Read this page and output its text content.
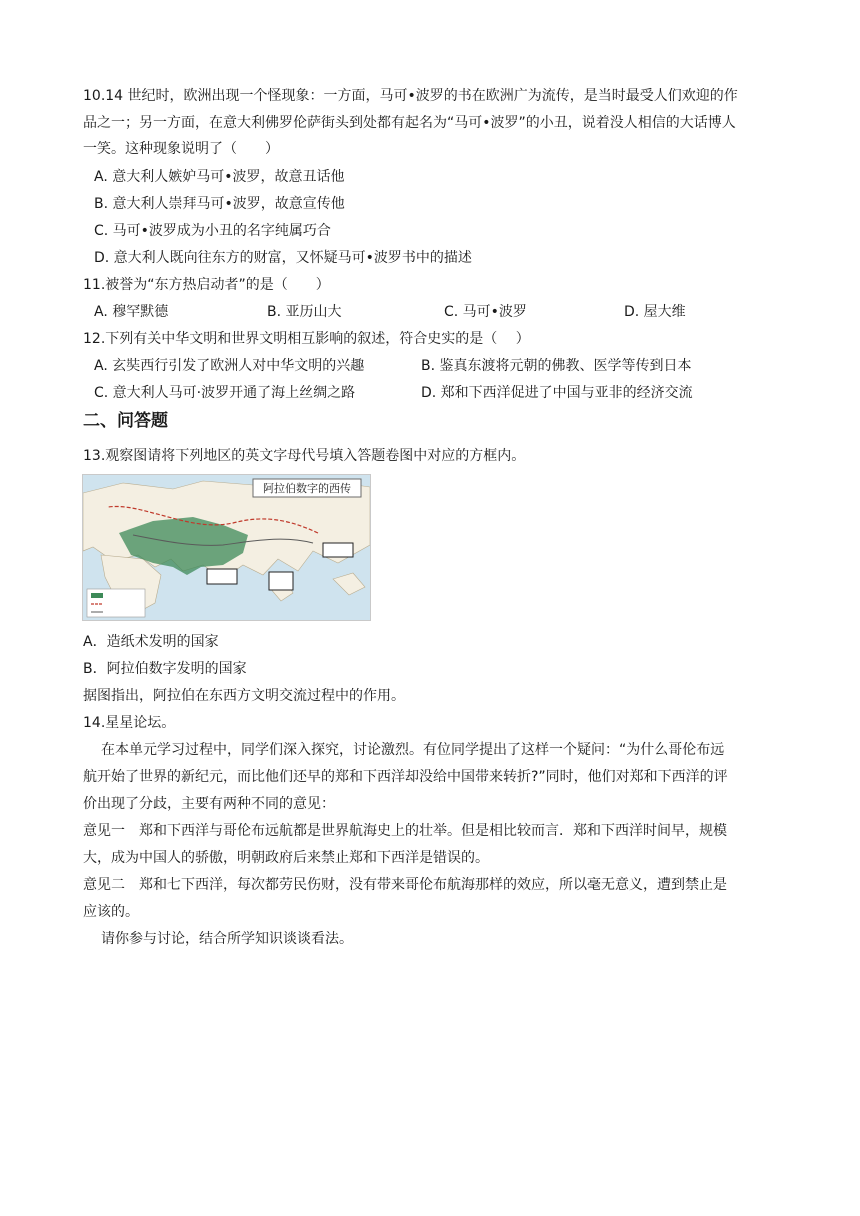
10.14 世纪时，欧洲出现一个怪现象：一方面，马可•波罗的书在欧洲广为流传，是当时最受人们欢迎的作
品之一；另一方面，在意大利佛罗伦萨街头到处都有起名为“马可•波罗”的小丑，说着没人相信的大话博人
一笑。这种现象说明了（　　）
A. 意大利人嫉妒马可•波罗，故意丑话他
B. 意大利人崇拜马可•波罗，故意宣传他
C. 马可•波罗成为小丑的名字纯属巧合
D. 意大利人既向往东方的财富，又怀疑马可•波罗书中的描述
11.被誉为“东方热启动者”的是（　　）
A. 穆罕默德	B. 亚历山大	C. 马可•波罗	D. 屋大维
12.下列有关中华文明和世界文明相互影响的叙述，符合史实的是（　 ）
A. 玄奘西行引发了欧洲人对中华文明的兴趣	B. 鉴真东渡将元朝的佛教、医学等传到日本
C. 意大利人马可·波罗开通了海上丝绸之路	D. 郑和下西洋促进了中国与亚非的经济交流
二、问答题
13.观察图请将下列地区的英文字母代号填入答题卷图中对应的方框内。
阿拉伯数字的西传
A．造纸术发明的国家
B．阿拉伯数字发明的国家
据图指出，阿拉伯在东西方文明交流过程中的作用。
14.星星论坛。
在本单元学习过程中，同学们深入探究，讨论激烈。有位同学提出了这样一个疑问：“为什么哥伦布远
航开始了世界的新纪元，而比他们还早的郑和下西洋却没给中国带来转折?”同时，他们对郑和下西洋的评
价出现了分歧，主要有两种不同的意见：
意见一　郑和下西洋与哥伦布远航都是世界航海史上的壮举。但是相比较而言．郑和下西洋时间早，规模
大，成为中国人的骄傲，明朝政府后来禁止郑和下西洋是错误的。
意见二　郑和七下西洋，每次都劳民伤财，没有带来哥伦布航海那样的效应，所以毫无意义，遭到禁止是
应该的。
请你参与讨论，结合所学知识谈谈看法。
